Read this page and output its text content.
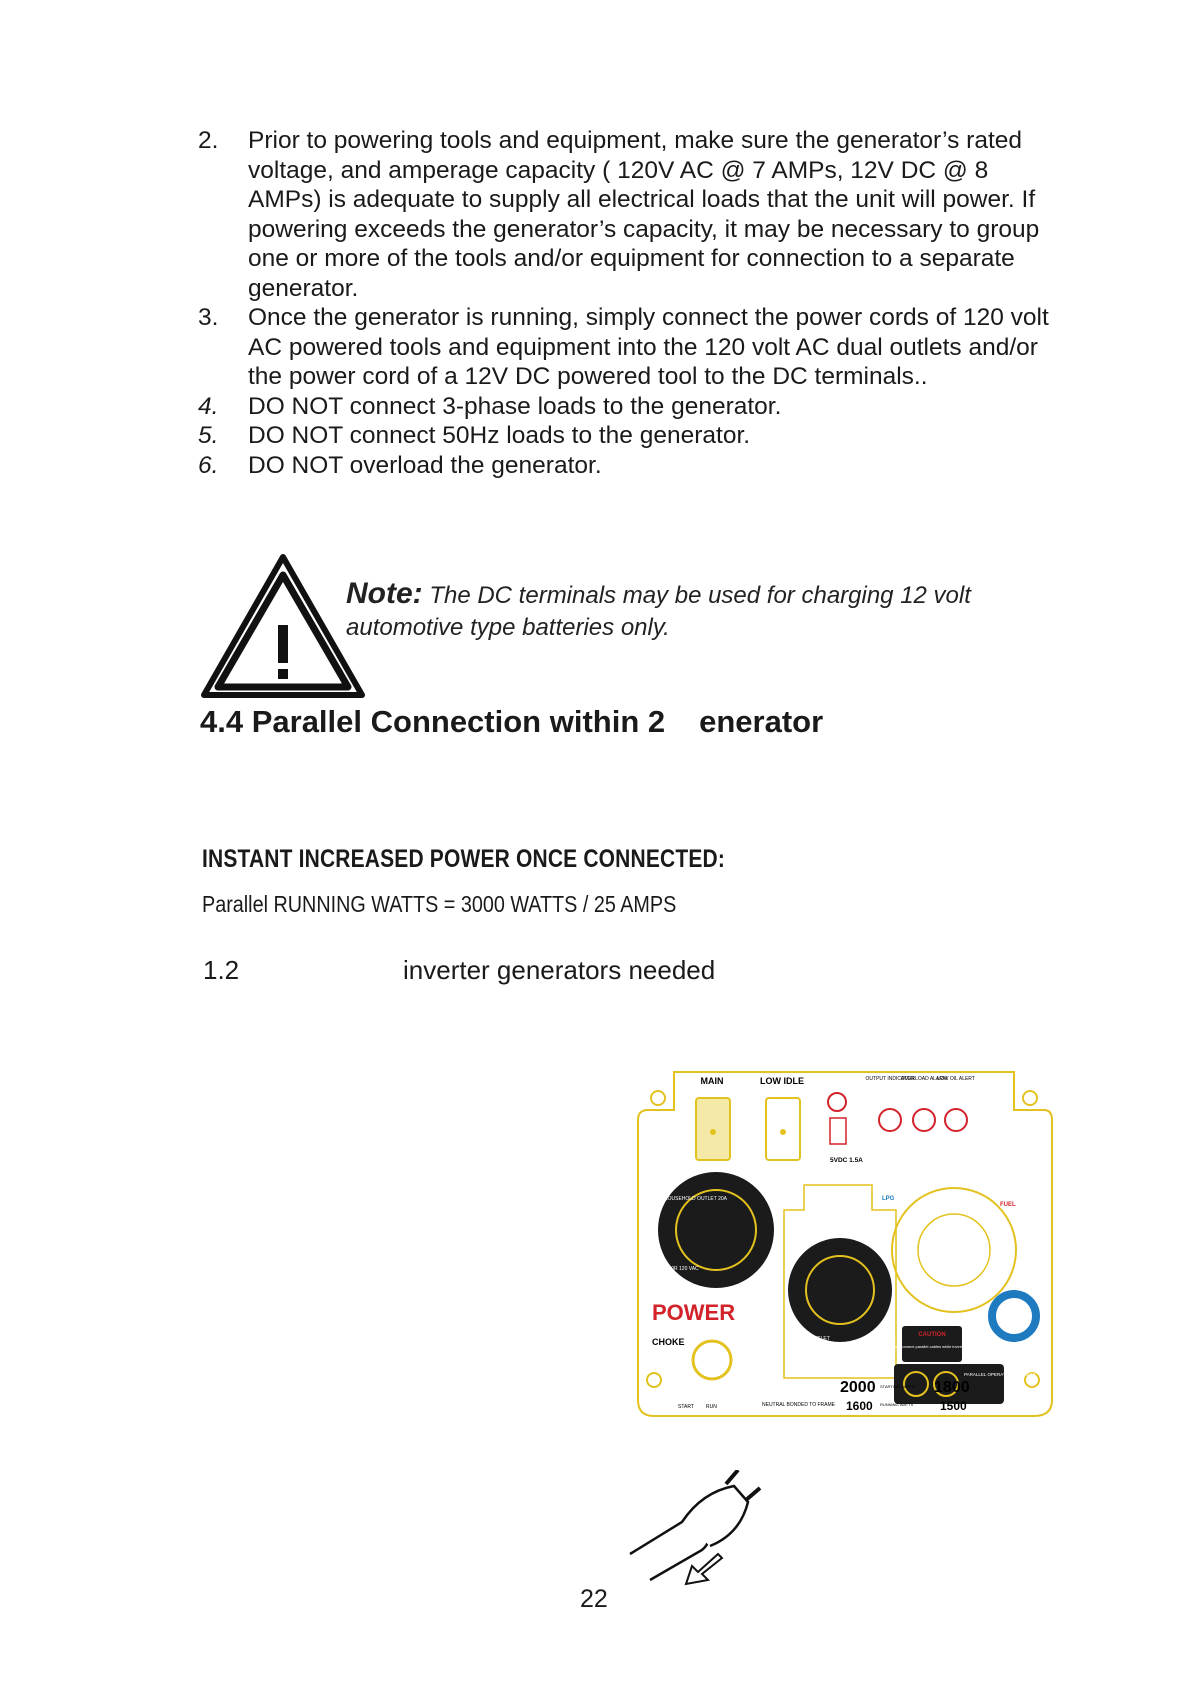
2.	Prior to powering tools and equipment, make sure the generator’s rated voltage, and amperage capacity ( 120V AC @ 7 AMPs, 12V DC @ 8 AMPs) is adequate to supply all electrical loads that the unit will power. If powering exceeds the generator’s capacity, it may be necessary to group one or more of the tools and/or equipment for connection to a separate generator.
3.	Once the generator is running, simply connect the power cords of 120 volt AC powered tools and equipment into the 120 volt AC dual outlets and/or the power cord of a 12V DC powered tool to the DC terminals..
4.	DO NOT connect 3-phase loads to the generator.
5.	DO NOT connect 50Hz loads to the generator.
6.	DO NOT overload the generator.
Note: The DC terminals may be used for charging 12 volt automotive type batteries only.
4.4 Parallel Connection within 2 enerator
INSTANT INCREASED POWER ONCE CONNECTED:
Parallel RUNNING WATTS = 3000 WATTS / 25 AMPS
1.2	inverter generators needed
MAIN	LOW IDLE
5VDC 1.5A
OUTPUT INDICATOR
OVERLOAD ALARM
LOW OIL ALERT
HOUSEHOLD OUTLET 20A
5-20R 120 VAC
POWER
CHOKE	TT-30R OUTLET	30A 120 VAC
LPG
FUEL
CAUTION
DO NOT disconnect parallel cables while inverter is running.
PARALLEL OPERATION OUTLETS
START RUN	NEUTRAL BONDED TO FRAME
2000
1600
1800
1500
STARTING WATTS
RUNNING WATTS
22
